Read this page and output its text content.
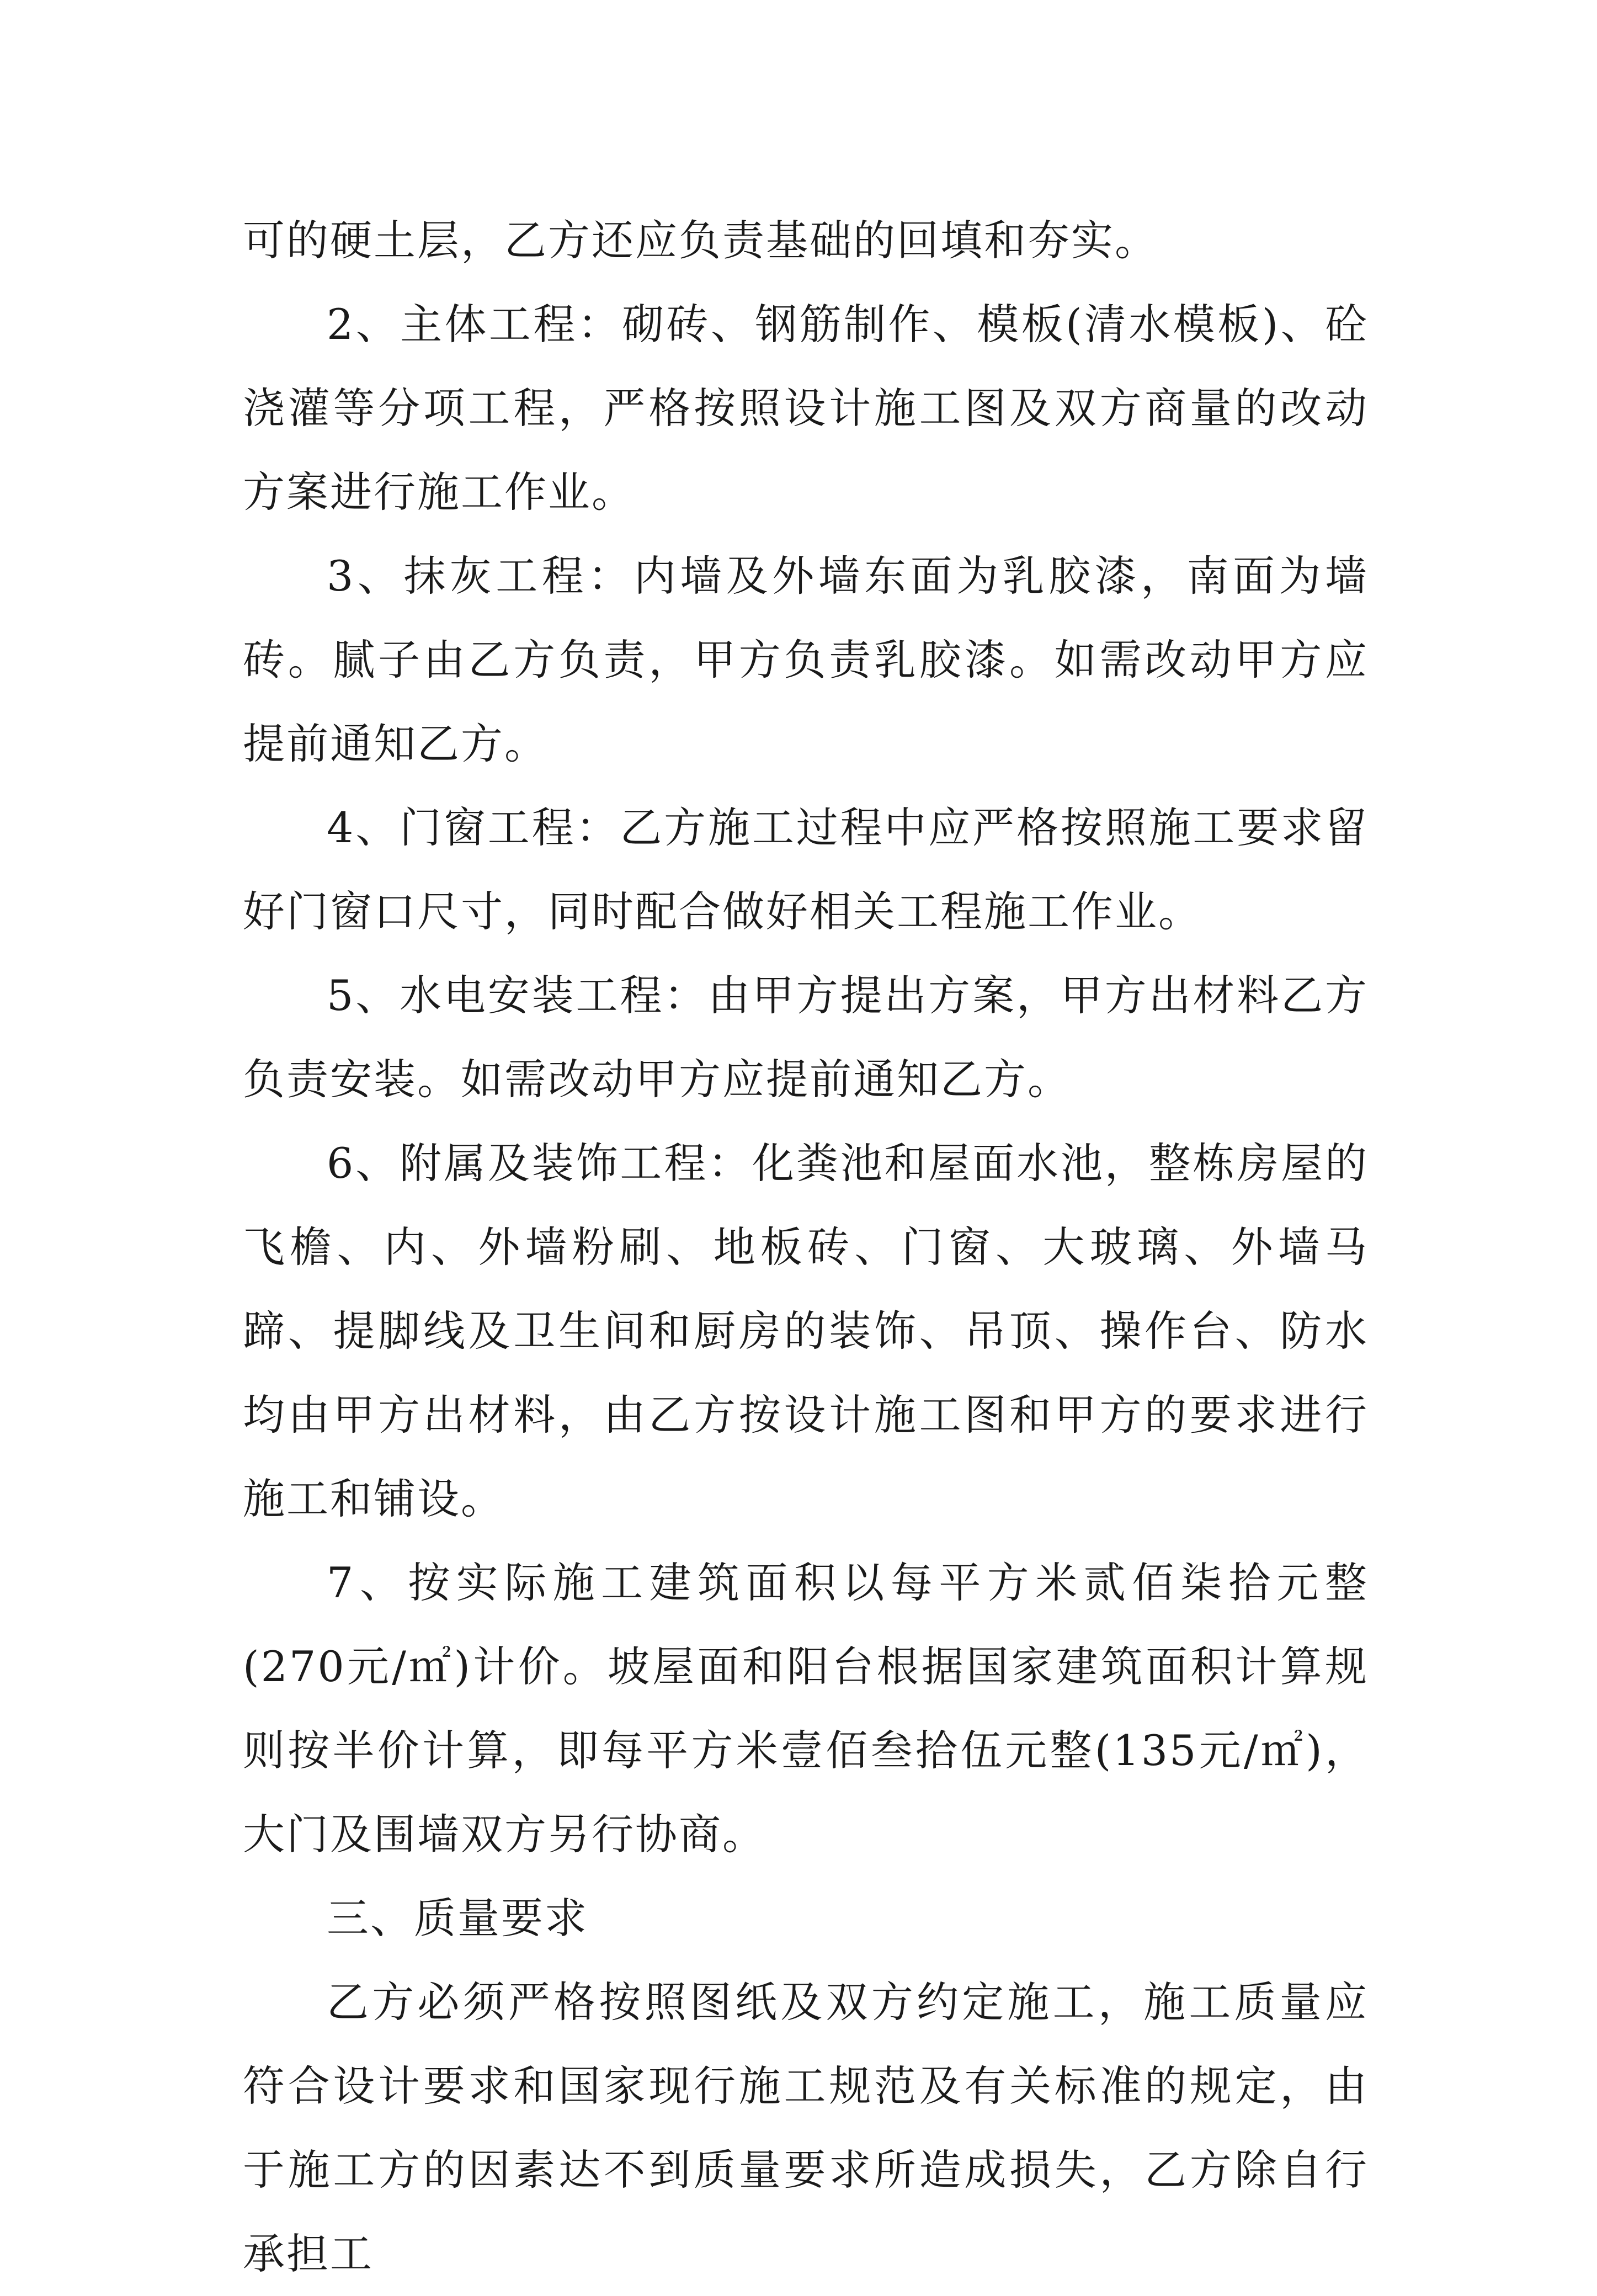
可的硬土层，乙方还应负责基础的回填和夯实。

2、主体工程：砌砖、钢筋制作、模板(清水模板)、砼浇灌等分项工程，严格按照设计施工图及双方商量的改动方案进行施工作业。

3、抹灰工程：内墙及外墙东面为乳胶漆，南面为墙砖。腻子由乙方负责，甲方负责乳胶漆。如需改动甲方应提前通知乙方。

4、门窗工程：乙方施工过程中应严格按照施工要求留好门窗口尺寸，同时配合做好相关工程施工作业。

5、水电安装工程：由甲方提出方案，甲方出材料乙方负责安装。如需改动甲方应提前通知乙方。

6、附属及装饰工程：化粪池和屋面水池，整栋房屋的飞檐、内、外墙粉刷、地板砖、门窗、大玻璃、外墙马蹄、提脚线及卫生间和厨房的装饰、吊顶、操作台、防水均由甲方出材料，由乙方按设计施工图和甲方的要求进行施工和铺设。

7、按实际施工建筑面积以每平方米贰佰柒拾元整(270元/㎡)计价。坡屋面和阳台根据国家建筑面积计算规则按半价计算，即每平方米壹佰叁拾伍元整(135元/㎡)，大门及围墙双方另行协商。

三、质量要求

乙方必须严格按照图纸及双方约定施工，施工质量应符合设计要求和国家现行施工规范及有关标准的规定，由于施工方的因素达不到质量要求所造成损失，乙方除自行承担工
